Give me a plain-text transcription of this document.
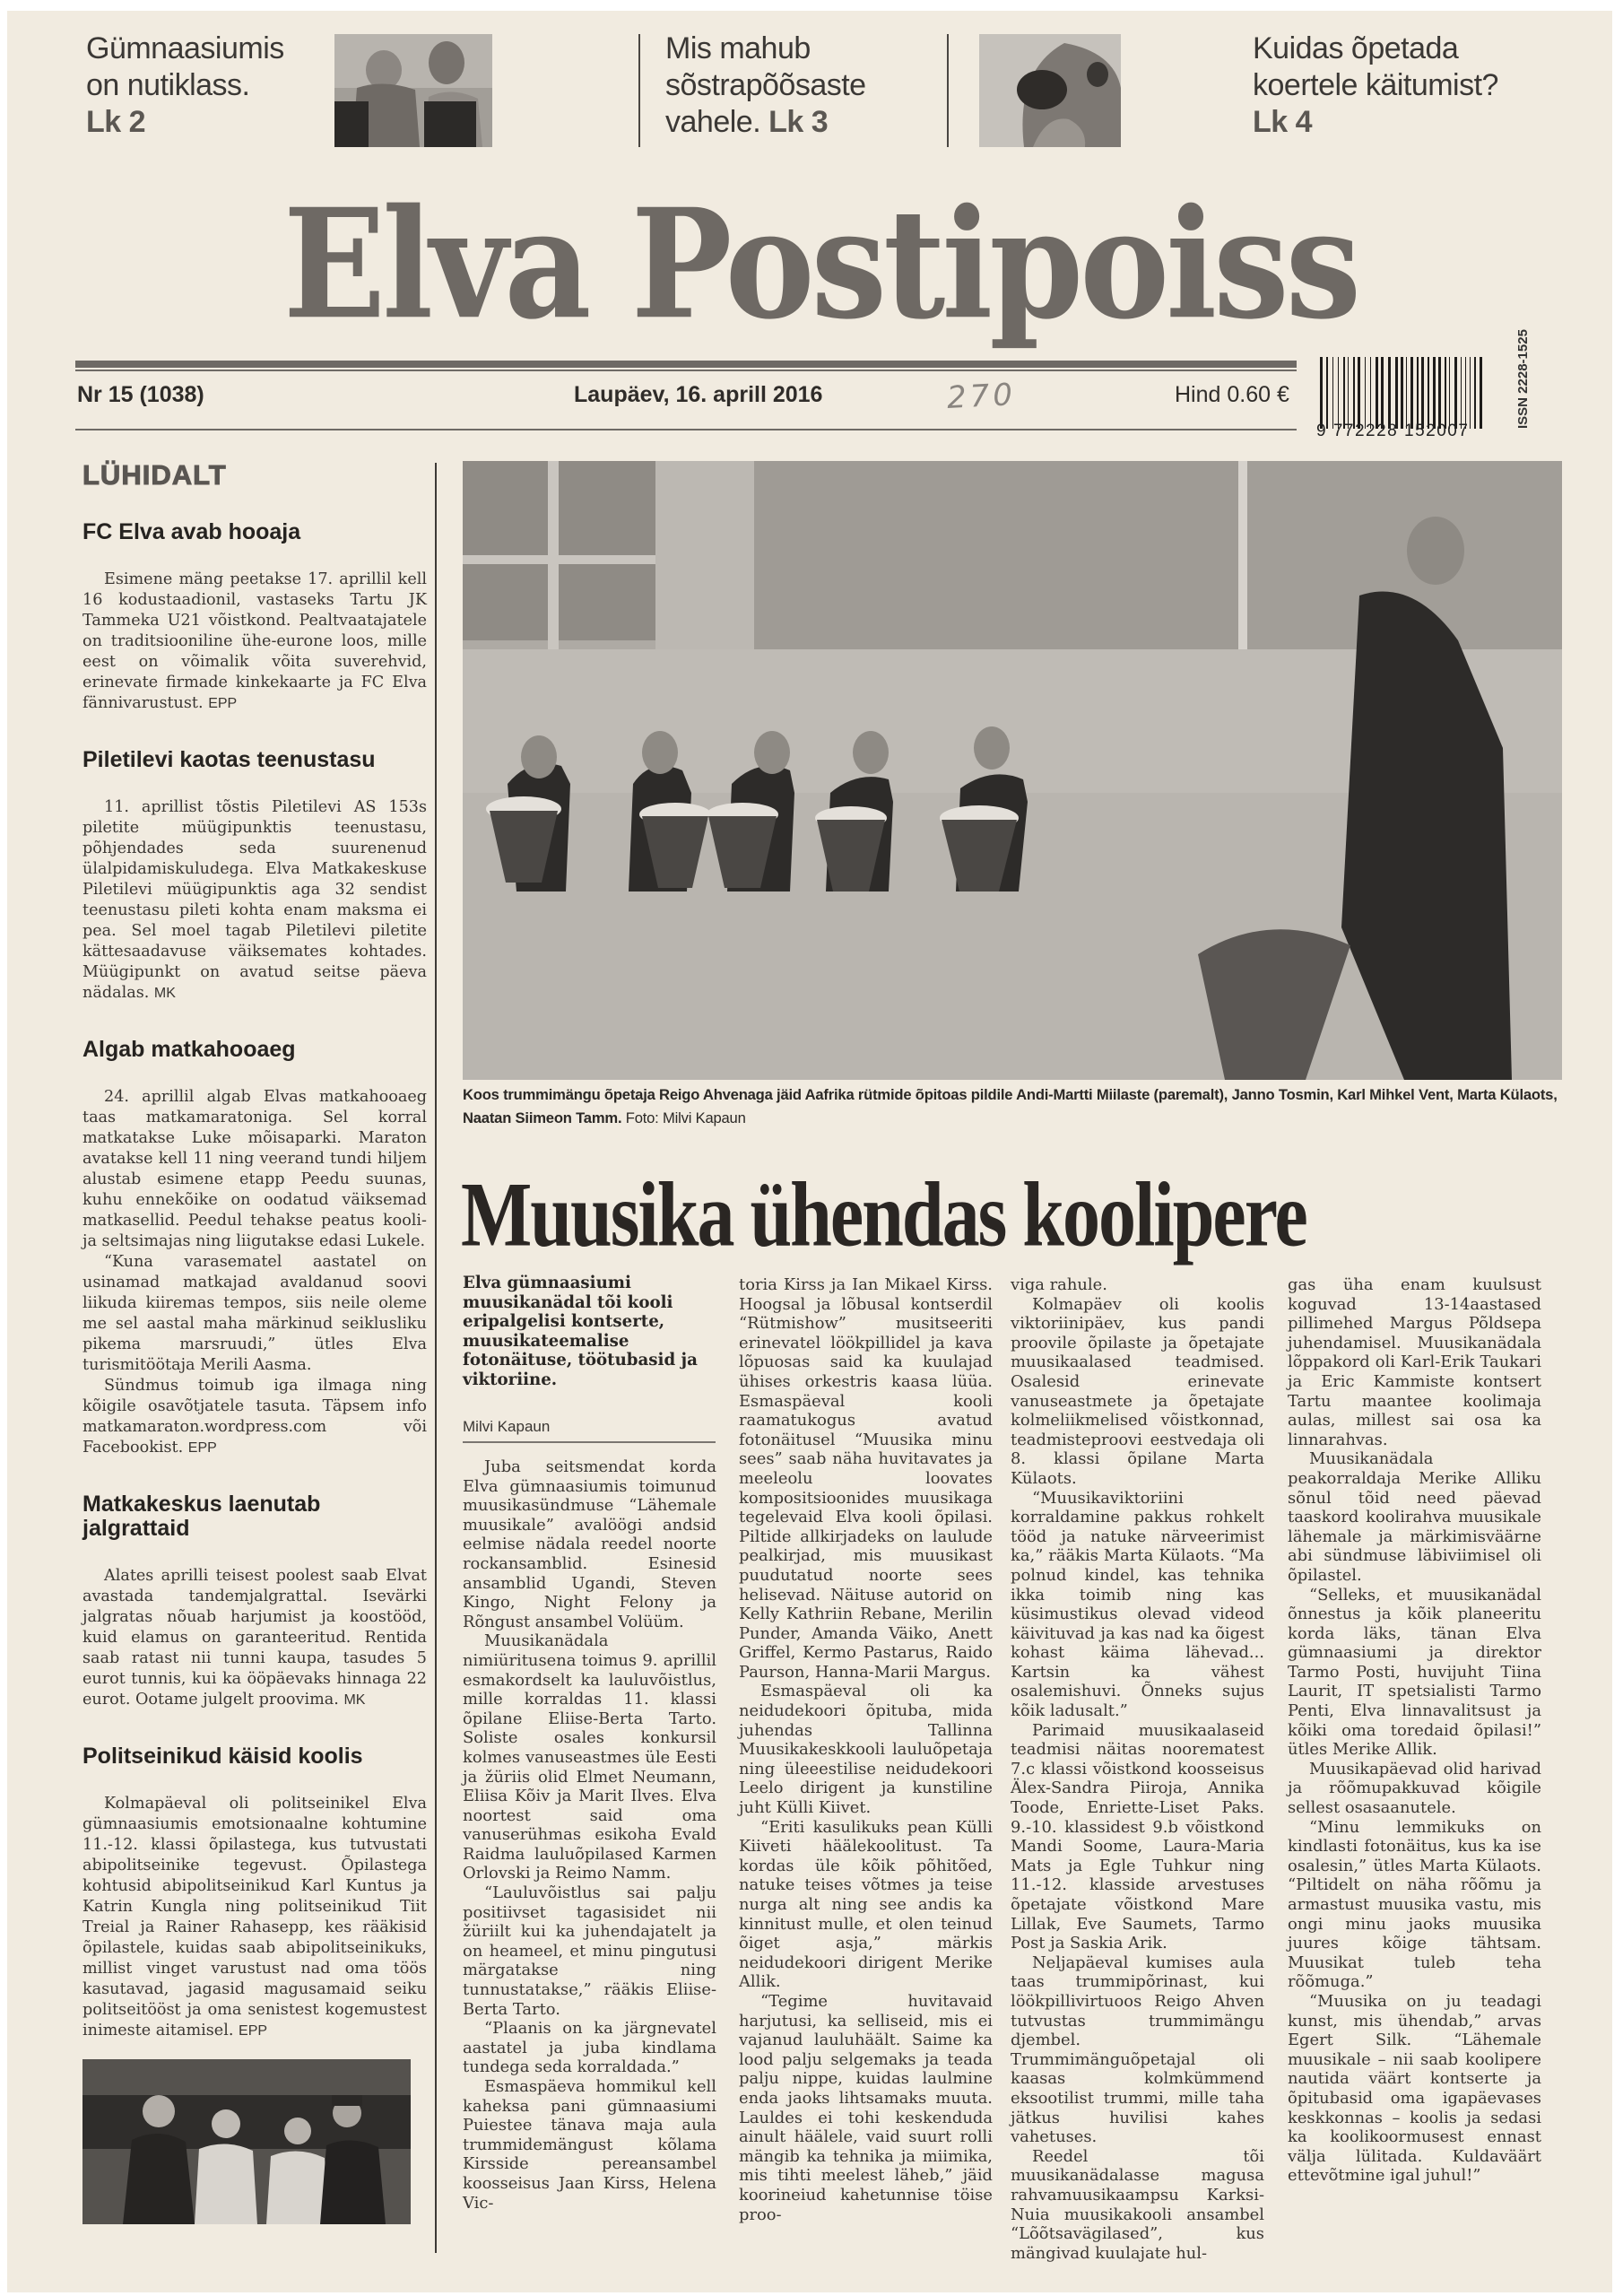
Gümnaasiumis
on nutiklass.
Lk 2
Mis mahub
sõstrapõõsaste
vahele. Lk 3
Kuidas õpetada
koertele käitumist?
Lk 4
Elva Postipoiss
Nr 15 (1038)	Laupäev, 16. aprill 2016	270	Hind 0.60 €
9 772228 152007
ISSN 2228-1525
LÜHIDALT
FC Elva avab hooaja

Esimene mäng peetakse 17. aprillil kell 16 kodustaadionil, vastaseks Tartu JK Tammeka U21 võistkond. Pealtvaatajatele on traditsiooniline ühe-eurone loos, mille eest on võimalik võita suverehvid, erinevate firmade kinkekaarte ja FC Elva fännivarustust. EPP

Piletilevi kaotas teenustasu

11. aprillist tõstis Piletilevi AS 153s piletite müügipunktis teenustasu, põhjendades seda suurenenud ülalpidamiskuludega. Elva Matkakeskuse Piletilevi müügipunktis aga 32 sendist teenustasu pileti kohta enam maksma ei pea. Sel moel tagab Piletilevi piletite kättesaadavuse väiksemates kohtades. Müügipunkt on avatud seitse päeva nädalas. MK

Algab matkahooaeg

24. aprillil algab Elvas matkahooaeg taas matkamaratoniga. Sel korral matkatakse Luke mõisaparki. Maraton avatakse kell 11 ning veerand tundi hiljem alustab esimene etapp Peedu suunas, kuhu ennekõike on oodatud väiksemad matkasellid. Peedul tehakse peatus kooli- ja seltsimajas ning liigutakse edasi Lukele.

“Kuna varasematel aastatel on usinamad matkajad avaldanud soovi liikuda kiiremas tempos, siis neile oleme me sel aastal maha märkinud seiklusliku pikema marsruudi,” ütles Elva turismitöötaja Merili Aasma.

Sündmus toimub iga ilmaga ning kõigile osavõtjatele tasuta. Täpsem info matkamaraton.wordpress.com või Facebookist. EPP

Matkakeskus laenutab jalgrattaid

Alates aprilli teisest poolest saab Elvat avastada tandemjalgrattal. Isevärki jalgratas nõuab harjumist ja koostööd, kuid elamus on garanteeritud. Rentida saab ratast nii tunni kaupa, tasudes 5 eurot tunnis, kui ka ööpäevaks hinnaga 22 eurot. Ootame julgelt proovima. MK

Politseinikud käisid koolis

Kolmapäeval oli politseinikel Elva gümnaasiumis emotsionaalne kohtumine 11.-12. klassi õpilastega, kus tutvustati abipolitseinike tegevust. Õpilastega kohtusid abipolitseinikud Karl Kuntus ja Katrin Kungla ning politseinikud Tiit Treial ja Rainer Rahasepp, kes rääkisid õpilastele, kuidas saab abipolitseinikuks, millist vinget varustust nad oma töös kasutavad, jagasid magusamaid seiku politseitööst ja oma senistest kogemustest inimeste aitamisel. EPP

Koos trummimängu õpetaja Reigo Ahvenaga jäid Aafrika rütmide õpitoas pildile Andi-Martti Miilaste (paremalt), Janno Tosmin, Karl Mihkel Vent, Marta Külaots, Naatan Siimeon Tamm. Foto: Milvi Kapaun
Muusika ühendas koolipere
Elva gümnaasiumi muusikanädal tõi kooli eripalgelisi kontserte, muusikateemalise fotonäituse, töötubasid ja viktoriine.
Milvi Kapaun

Juba seitsmendat korda Elva gümnaasiumis toimunud muusikasündmuse “Lähemale muusikale” avalöögi andsid eelmise nädala reedel noorte rockansamblid. Esinesid ansamblid Ugandi, Steven Kingo, Night Felony ja Rõngust ansambel Volüüm.

Muusikanädala nimiüritusena toimus 9. aprillil esmakordselt ka lauluvõistlus, mille korraldas 11. klassi õpilane Eliise-Berta Tarto. Soliste osales konkursil kolmes vanuseastmes üle Eesti ja žüriis olid Elmet Neumann, Eliisa Kõiv ja Marit Ilves. Elva noortest said oma vanuserühmas esikoha Evald Raidma lauluõpilased Karmen Orlovski ja Reimo Namm.

“Lauluvõistlus sai palju positiivset tagasisidet nii žüriilt kui ka juhendajatelt ja on heameel, et minu pingutusi märgatakse ning tunnustatakse,” rääkis Eliise-Berta Tarto.

“Plaanis on ka järgnevatel aastatel ja juba kindlama tundega seda korraldada.”

Esmaspäeva hommikul kell kaheksa pani gümnaasiumi Puiestee tänava maja aula trummidemängust kõlama Kirsside pereansambel koosseisus Jaan Kirss, Helena Vic-

toria Kirss ja Ian Mikael Kirss. Hoogsal ja lõbusal kontserdil “Rütmishow” musitseeriti erinevatel löökpillidel ja kava lõpuosas said ka kuulajad ühises orkestris kaasa lüüa. Esmaspäeval kooli raamatukogus avatud fotonäitusel “Muusika minu sees” saab näha huvitavates ja meeleolu loovates kompositsioonides muusikaga tegelevaid Elva kooli õpilasi. Piltide allkirjadeks on laulude pealkirjad, mis muusikast puudutatud noorte sees helisevad. Näituse autorid on Kelly Kathriin Rebane, Merilin Punder, Amanda Väiko, Anett Griffel, Kermo Pastarus, Raido Paurson, Hanna-Marii Margus.

Esmaspäeval oli ka neidudekoori õpituba, mida juhendas Tallinna Muusikakeskkooli lauluõpetaja ning üleeestilise neidudekoori Leelo dirigent ja kunstiline juht Külli Kiivet.

“Eriti kasulikuks pean Külli Kiiveti häälekoolitust. Ta kordas üle kõik põhitõed, natuke teises võtmes ja teise nurga alt ning see andis ka kinnitust mulle, et olen teinud õiget asja,” märkis neidudekoori dirigent Merike Allik.

“Tegime huvitavaid harjutusi, ka selliseid, mis ei vajanud lauluhäält. Saime ka lood palju selgemaks ja teada palju nippe, kuidas laulmine enda jaoks lihtsamaks muuta. Lauldes ei tohi keskenduda ainult häälele, vaid suurt rolli mängib ka tehnika ja miimika, mis tihti meelest läheb,” jäid koorineiud kahetunnise töise proo-

viga rahule.

Kolmapäev oli koolis viktoriinipäev, kus pandi proovile õpilaste ja õpetajate muusikaalased teadmised. Osalesid erinevate vanuseastmete ja õpetajate kolmeliikmelised võistkonnad, teadmisteproovi eestvedaja oli 8. klassi õpilane Marta Külaots.

“Muusikaviktoriini korraldamine pakkus rohkelt tööd ja natuke närveerimist ka,” rääkis Marta Külaots. “Ma polnud kindel, kas tehnika ikka toimib ning kas küsimustikus olevad videod käivituvad ja kas nad ka õigest kohast käima lähevad... Kartsin ka vähest osalemishuvi. Õnneks sujus kõik ladusalt.”

Parimaid muusikaalaseid teadmisi näitas noorematest 7.c klassi võistkond koosseisus Älex-Sandra Piiroja, Annika Toode, Enriette-Liset Paks. 9.-10. klassidest 9.b võistkond Mandi Soome, Laura-Maria Mats ja Egle Tuhkur ning 11.-12. klasside arvestuses õpetajate võistkond Mare Lillak, Eve Saumets, Tarmo Post ja Saskia Arik.

Neljapäeval kumises aula taas trummipõrinast, kui löökpillivirtuoos Reigo Ahven tutvustas trummimängu djembel. Trummimänguõpetajal oli kaasas kolmkümmend eksootilist trummi, mille taha jätkus huvilisi kahes vahetuses.

Reedel tõi muusikanädalasse magusa rahvamuusikaampsu Karksi-Nuia muusikakooli ansambel “Lõõtsavägilased”, kus mängivad kuulajate hul-

gas üha enam kuulsust koguvad 13-14aastased pillimehed Margus Põldsepa juhendamisel. Muusikanädala lõppakord oli Karl-Erik Taukari ja Eric Kammiste kontsert Tartu maantee koolimaja aulas, millest sai osa ka linnarahvas.

Muusikanädala peakorraldaja Merike Alliku sõnul tõid need päevad taaskord koolirahva muusikale lähemale ja märkimisväärne abi sündmuse läbiviimisel oli õpilastel.

“Selleks, et muusikanädal õnnestus ja kõik planeeritu korda läks, tänan Elva gümnaasiumi ja direktor Tarmo Posti, huvijuht Tiina Laurit, IT spetsialisti Tarmo Penti, Elva linnavalitsust ja kõiki oma toredaid õpilasi!” ütles Merike Allik.

Muusikapäevad olid harivad ja rõõmupakkuvad kõigile sellest osasaanutele.

“Minu lemmikuks on kindlasti fotonäitus, kus ka ise osalesin,” ütles Marta Külaots. “Piltidelt on näha rõõmu ja armastust muusika vastu, mis ongi minu jaoks muusika juures kõige tähtsam. Muusikat tuleb teha rõõmuga.”

“Muusika on ju teadagi kunst, mis ühendab,” arvas Egert Silk. “Lähemale muusikale – nii saab koolipere nautida väärt kontserte ja õpitubasid oma igapäevases keskkonnas – koolis ja sedasi ka koolikoormusest ennast välja lülitada. Kuldaväärt ettevõtmine igal juhul!”
